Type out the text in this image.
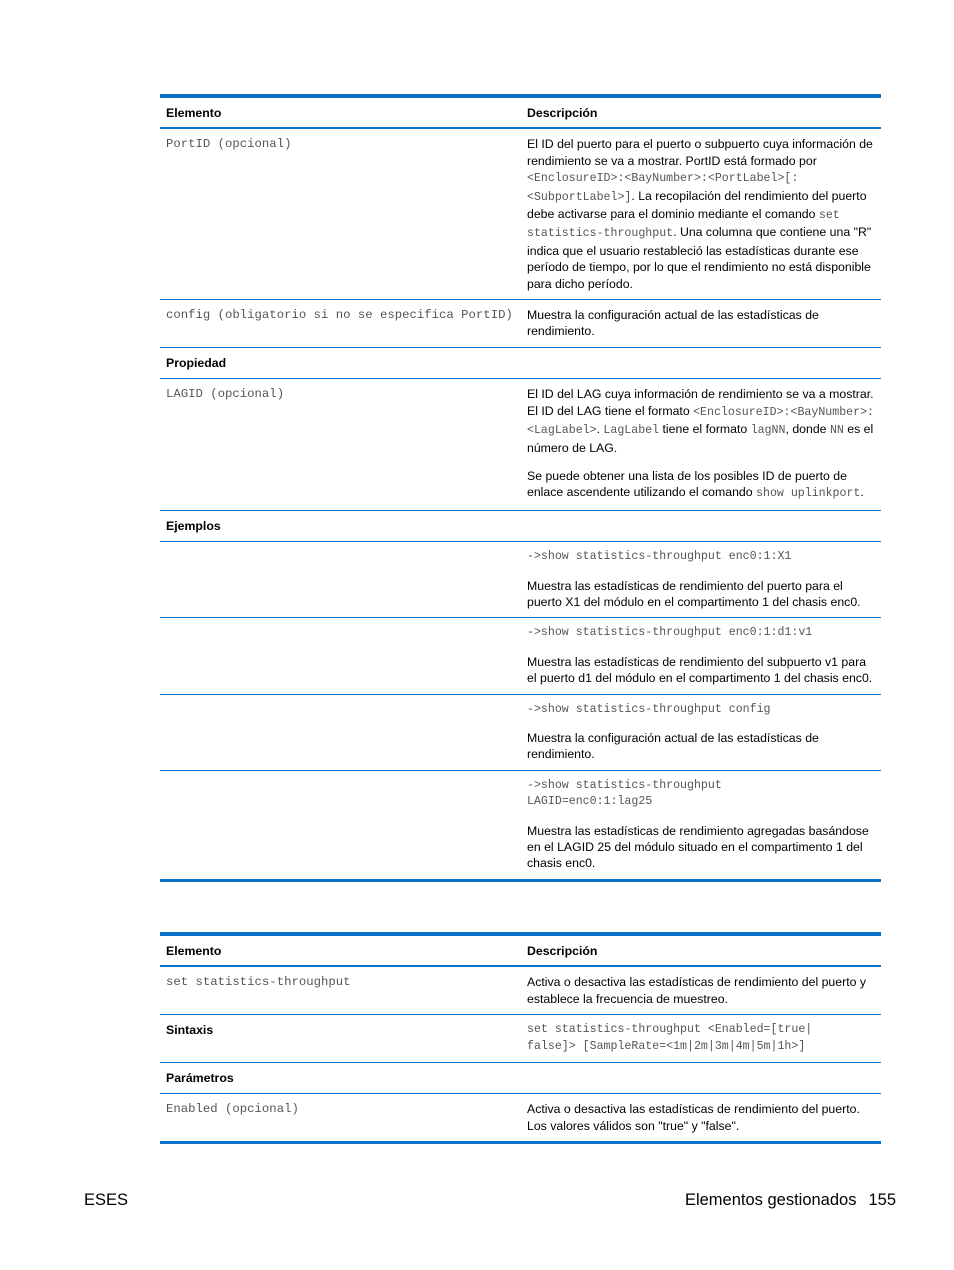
Elemento	Descripción
PortID (opcional)	El ID del puerto para el puerto o subpuerto cuya información de rendimiento se va a mostrar. PortID está formado por <EnclosureID>:<BayNumber>:<PortLabel>[:<SubportLabel>]. La recopilación del rendimiento del puerto debe activarse para el dominio mediante el comando set statistics-throughput. Una columna que contiene una "R" indica que el usuario restableció las estadísticas durante ese período de tiempo, por lo que el rendimiento no está disponible para dicho período.
config (obligatorio si no se especifica PortID)	Muestra la configuración actual de las estadísticas de rendimiento.
Propiedad	
LAGID (opcional)	El ID del LAG cuya información de rendimiento se va a mostrar. El ID del LAG tiene el formato <EnclosureID>:<BayNumber>:<LagLabel>. LagLabel tiene el formato lagNN, donde NN es el número de LAG.

Se puede obtener una lista de los posibles ID de puerto de enlace ascendente utilizando el comando show uplinkport.

Ejemplos	

	->show statistics-throughput enc0:1:X1

Muestra las estadísticas de rendimiento del puerto para el puerto X1 del módulo en el compartimento 1 del chasis enc0.

	->show statistics-throughput enc0:1:d1:v1

Muestra las estadísticas de rendimiento del subpuerto v1 para el puerto d1 del módulo en el compartimento 1 del chasis enc0.

	->show statistics-throughput config

Muestra la configuración actual de las estadísticas de rendimiento.

	->show statistics-throughput
LAGID=enc0:1:lag25

Muestra las estadísticas de rendimiento agregadas basándose en el LAGID 25 del módulo situado en el compartimento 1 del chasis enc0.

Elemento	Descripción
set statistics-throughput	Activa o desactiva las estadísticas de rendimiento del puerto y establece la frecuencia de muestreo.
Sintaxis	set statistics-throughput <Enabled=[true|
false]> [SampleRate=<1m|2m|3m|4m|5m|1h>]

Parámetros	
Enabled (opcional)	Activa o desactiva las estadísticas de rendimiento del puerto. Los valores válidos son "true" y "false".
ESES	Elementos gestionados 155
